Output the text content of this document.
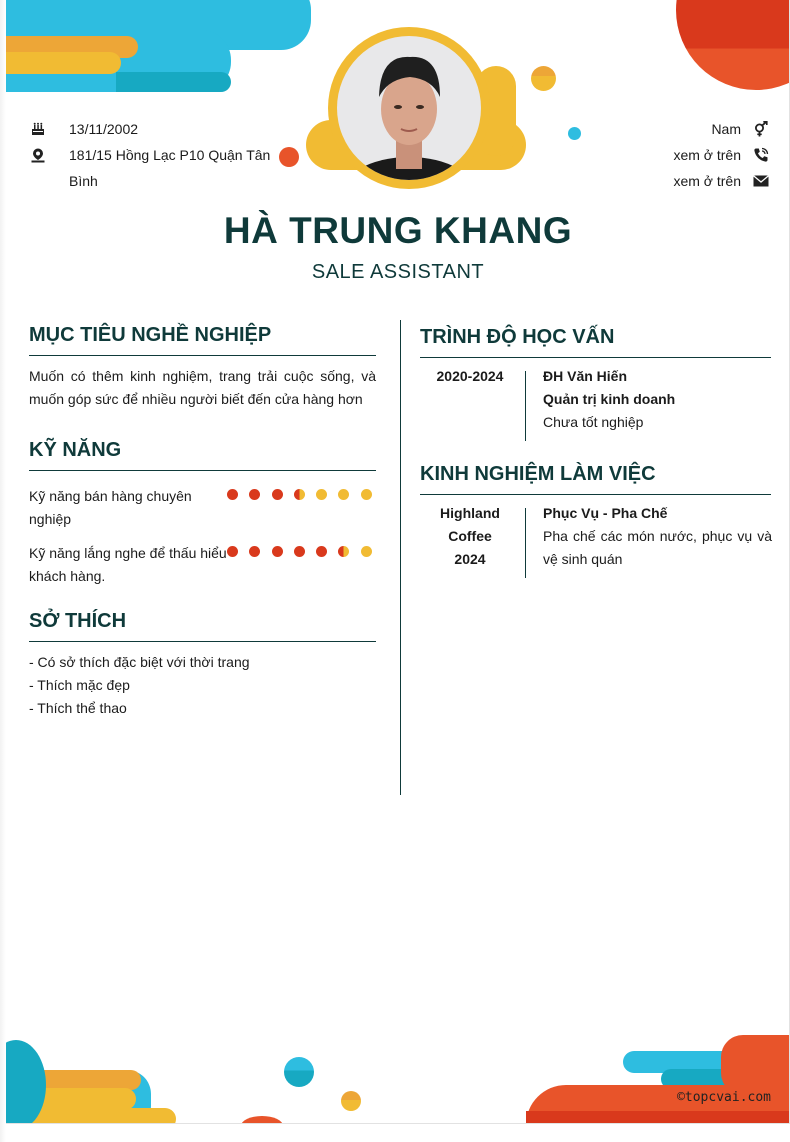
13/11/2002
181/15 Hồng Lạc P10 Quận Tân Bình
Nam
xem ở trên
xem ở trên
HÀ TRUNG KHANG
SALE ASSISTANT
MỤC TIÊU NGHỀ NGHIỆP
Muốn có thêm kinh nghiệm, trang trải cuộc sống, và muốn góp sức để nhiều người biết đến cửa hàng hơn
KỸ NĂNG
Kỹ năng bán hàng chuyên nghiệp
Kỹ năng lắng nghe để thấu hiểu khách hàng.
SỞ THÍCH
- Có sở thích đặc biệt với thời trang
- Thích mặc đẹp
- Thích thể thao
TRÌNH ĐỘ HỌC VẤN
2020-2024	ĐH Văn Hiến
Quản trị kinh doanh
Chưa tốt nghiệp
KINH NGHIỆM LÀM VIỆC
Highland
Coffee
2024
Phục Vụ - Pha Chế
Pha chế các món nước, phục vụ và vệ sinh quán
©topcvai.com
